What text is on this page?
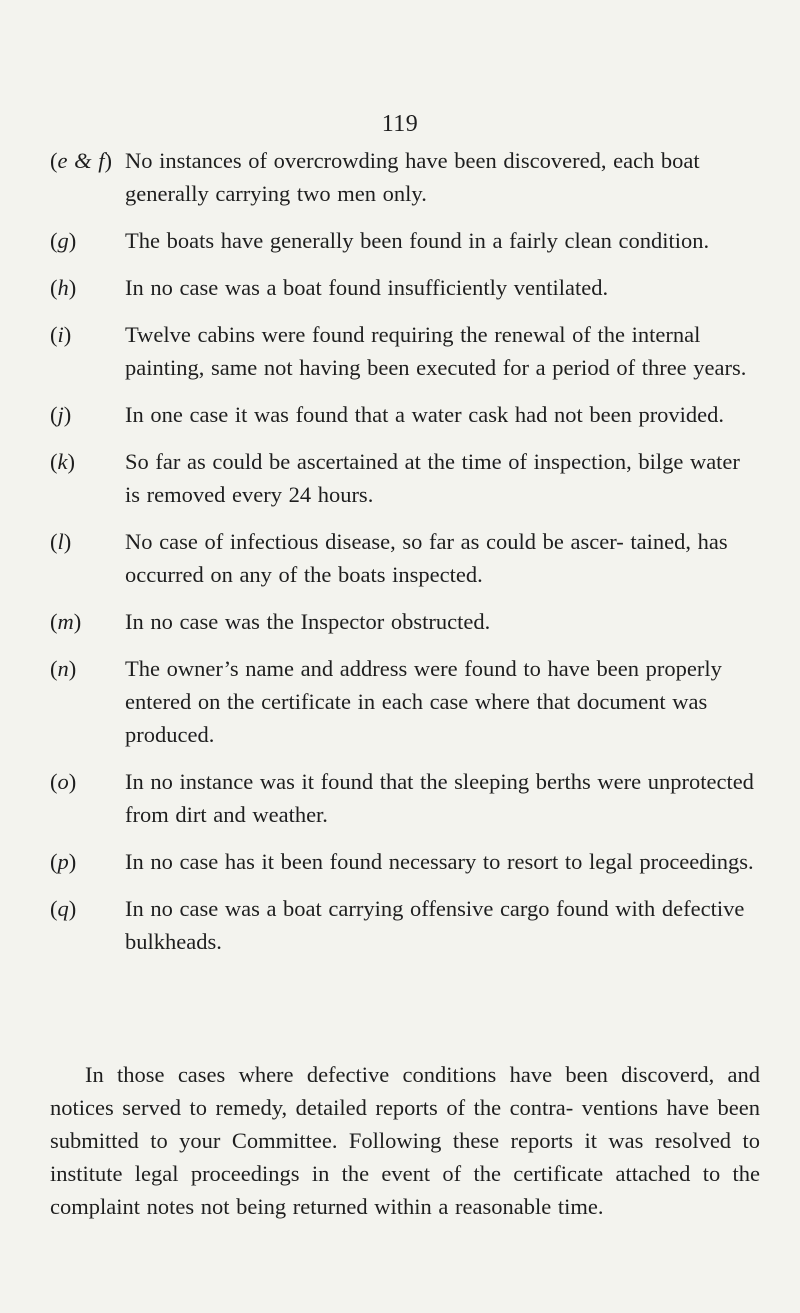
119
(e & f) No instances of overcrowding have been discovered, each boat generally carrying two men only.
(g) The boats have generally been found in a fairly clean condition.
(h) In no case was a boat found insufficiently ventilated.
(i) Twelve cabins were found requiring the renewal of the internal painting, same not having been executed for a period of three years.
(j) In one case it was found that a water cask had not been provided.
(k) So far as could be ascertained at the time of inspection, bilge water is removed every 24 hours.
(l) No case of infectious disease, so far as could be ascer- tained, has occurred on any of the boats inspected.
(m) In no case was the Inspector obstructed.
(n) The owner’s name and address were found to have been properly entered on the certificate in each case where that document was produced.
(o) In no instance was it found that the sleeping berths were unprotected from dirt and weather.
(p) In no case has it been found necessary to resort to legal proceedings.
(q) In no case was a boat carrying offensive cargo found with defective bulkheads.

In those cases where defective conditions have been discoverd, and notices served to remedy, detailed reports of the contra- ventions have been submitted to your Committee. Following these reports it was resolved to institute legal proceedings in the event of the certificate attached to the complaint notes not being returned within a reasonable time.
